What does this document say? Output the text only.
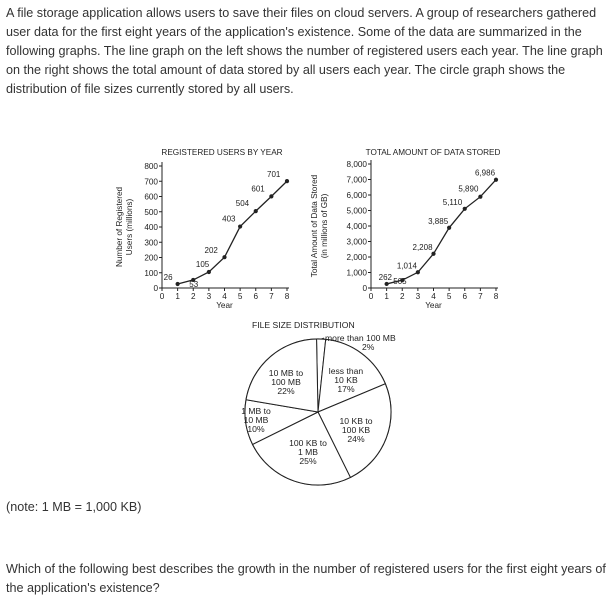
A file storage application allows users to save their files on cloud servers. A group of researchers gathered user data for the first eight years of the application's existence. Some of the data are summarized in the following graphs. The line graph on the left shows the number of registered users each year. The line graph on the right shows the total amount of data stored by all users each year. The circle graph shows the distribution of file sizes currently stored by all users.

REGISTERED USERS BY YEAR
0
100
200
300
400
500
600
700
800
0 1 2 3 4 5 6 7 8
Year
Number of Registered Users (millions)
26
53
105
202
403
504
601
701
TOTAL AMOUNT OF DATA STORED
0
1,000
2,000
3,000
4,000
5,000
6,000
7,000
8,000
0 1 2 3 4 5 6 7 8
Year
Total Amount of Data Stored (in millions of GB)
262 505
1,014
2,208
3,885
5,110
5,890
6,986
FILE SIZE DISTRIBUTION
less than
10 KB
17%
10 KB to
100 KB
24%
100 KB to
1 MB
25%
1 MB to
10 MB
10%
10 MB to
100 MB
22%
more than 100 MB
2%

(note: 1 MB = 1,000 KB)

Which of the following best describes the growth in the number of registered users for the first eight years of the application's existence?
